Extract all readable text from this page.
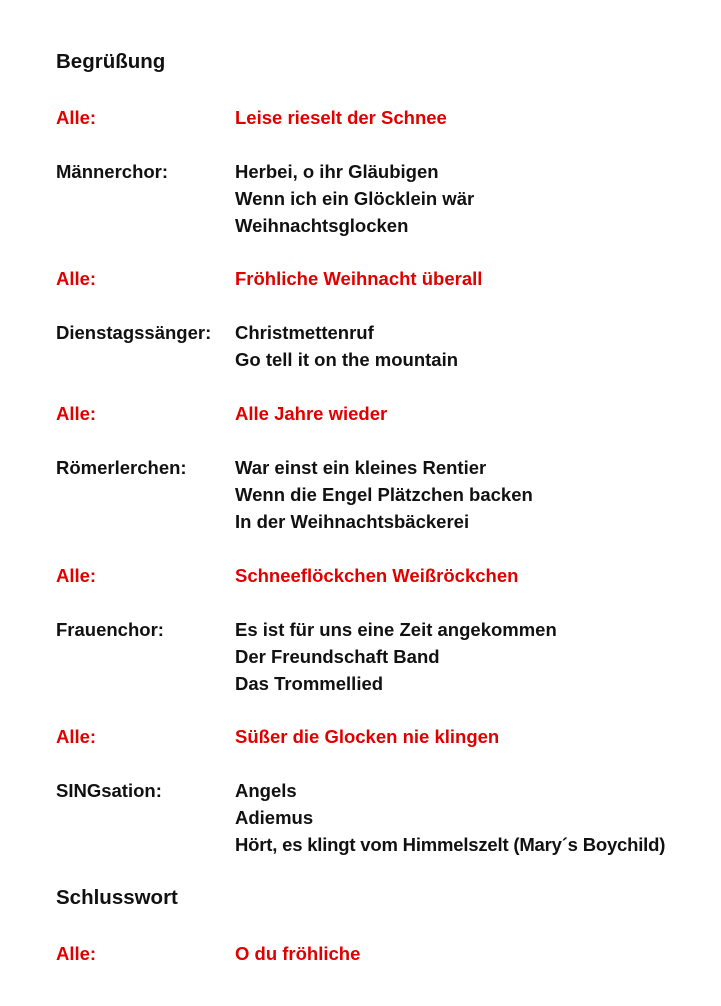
Begrüßung
Alle:	Leise rieselt der Schnee
Männerchor:	Herbei, o ihr Gläubigen
Wenn ich ein Glöcklein wär
Weihnachtsglocken
Alle:	Fröhliche Weihnacht überall
Dienstagssänger: Christmettenruf
Go tell it on the mountain
Alle:	Alle Jahre wieder
Römerlerchen:	War einst ein kleines Rentier
Wenn die Engel Plätzchen backen
In der Weihnachtsbäckerei
Alle:	Schneeflöckchen Weißröckchen
Frauenchor:	Es ist für uns eine Zeit angekommen
Der Freundschaft Band
Das Trommellied
Alle:	Süßer die Glocken nie klingen
SINGsation:	Angels
Adiemus
Hört, es klingt vom Himmelszelt (Mary´s Boychild)
Schlusswort
Alle:	O du fröhliche
